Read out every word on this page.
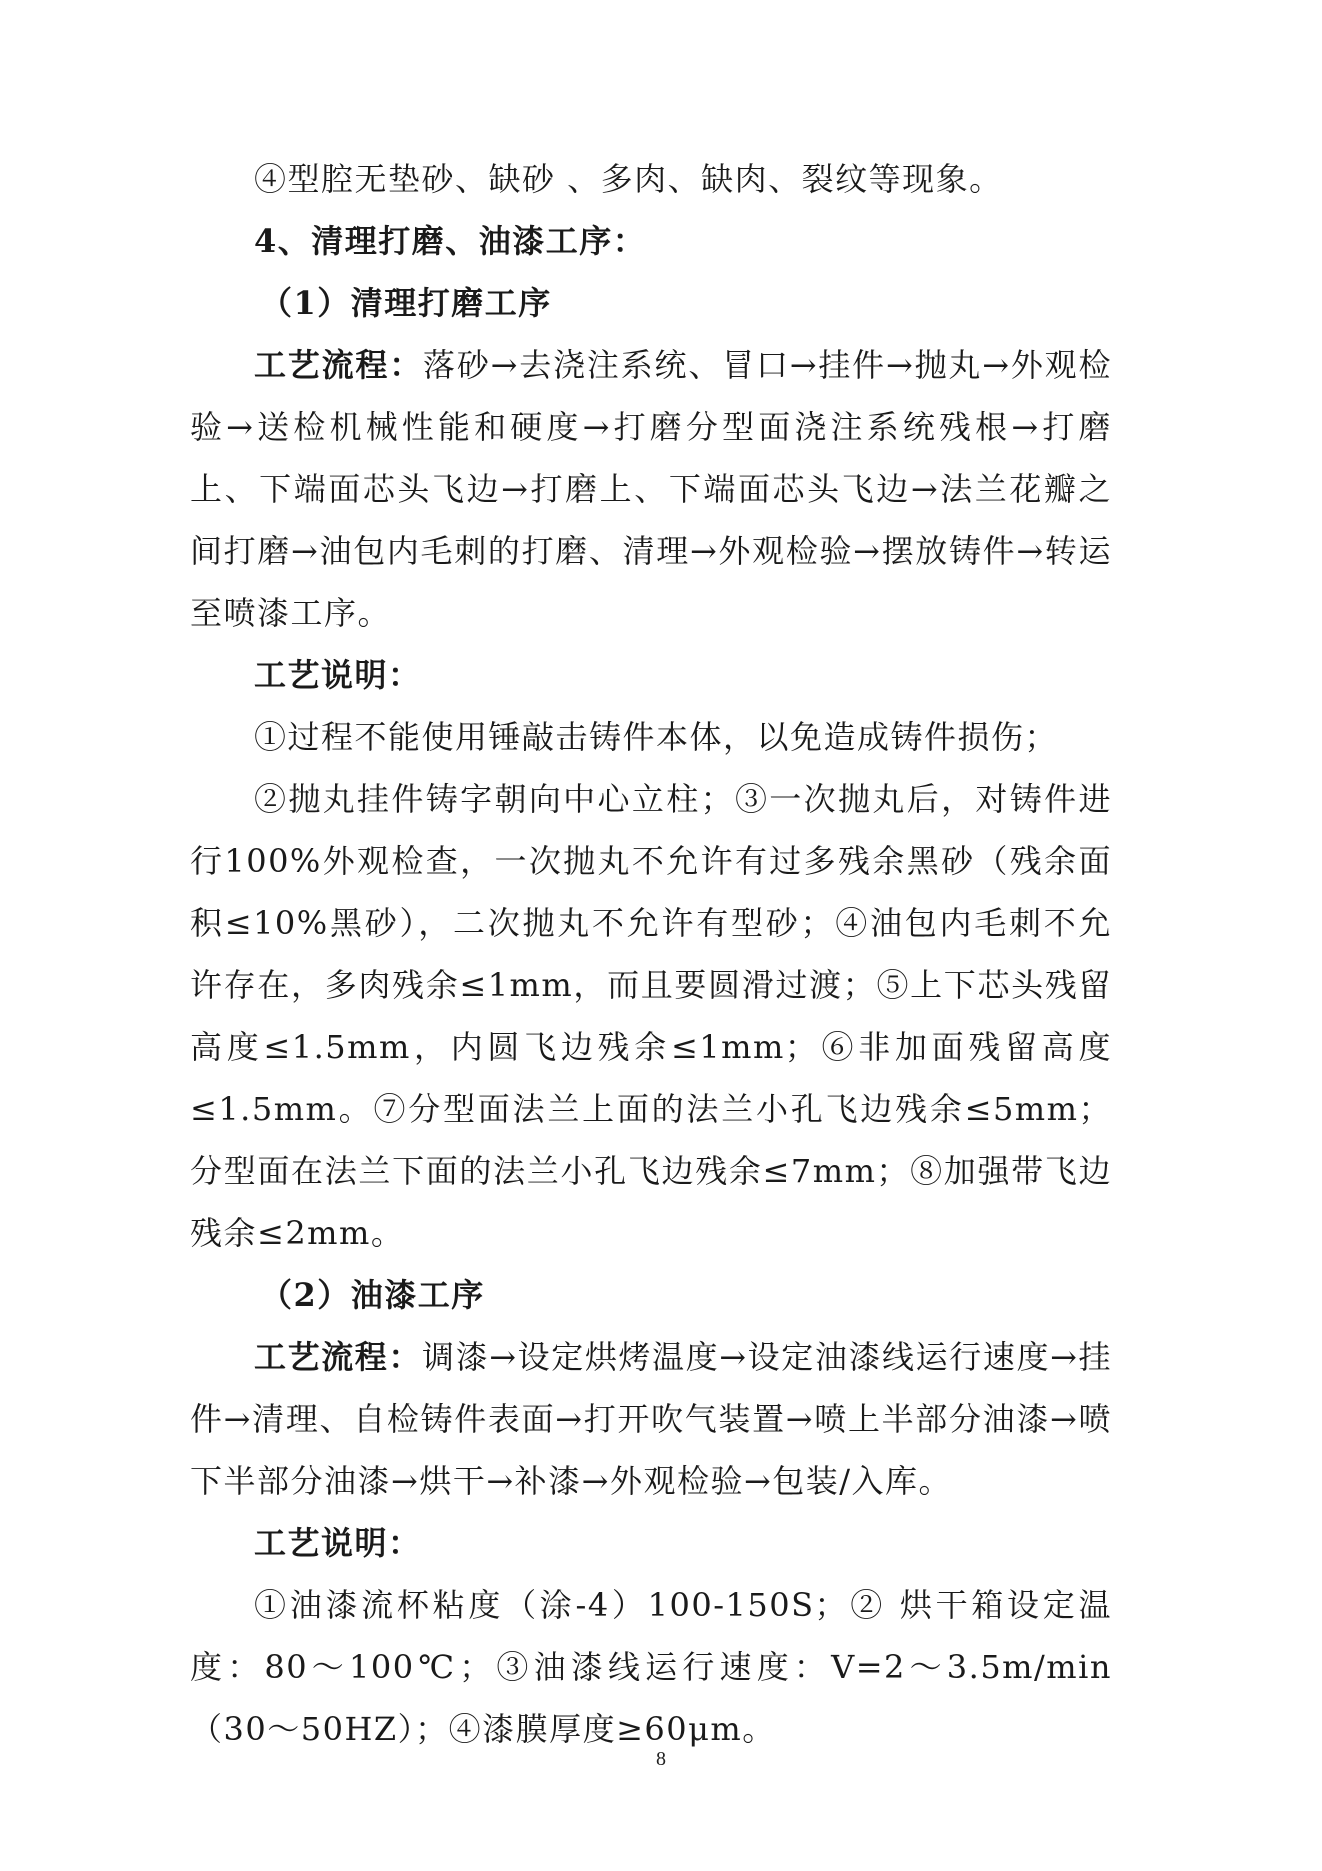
④型腔无垫砂、缺砂 、多肉、缺肉、裂纹等现象。

4、清理打磨、油漆工序：

（1）清理打磨工序

工艺流程：落砂→去浇注系统、冒口→挂件→抛丸→外观检验→送检机械性能和硬度→打磨分型面浇注系统残根→打磨上、下端面芯头飞边→打磨上、下端面芯头飞边→法兰花瓣之间打磨→油包内毛刺的打磨、清理→外观检验→摆放铸件→转运至喷漆工序。

工艺说明：

①过程不能使用锤敲击铸件本体，以免造成铸件损伤；

②抛丸挂件铸字朝向中心立柱；③一次抛丸后，对铸件进行100%外观检查，一次抛丸不允许有过多残余黑砂（残余面积≤10%黑砂），二次抛丸不允许有型砂；④油包内毛刺不允许存在，多肉残余≤1mm，而且要圆滑过渡；⑤上下芯头残留高度≤1.5mm，内圆飞边残余≤1mm；⑥非加面残留高度≤1.5mm。⑦分型面法兰上面的法兰小孔飞边残余≤5mm；分型面在法兰下面的法兰小孔飞边残余≤7mm；⑧加强带飞边残余≤2mm。

（2）油漆工序

工艺流程：调漆→设定烘烤温度→设定油漆线运行速度→挂件→清理、自检铸件表面→打开吹气装置→喷上半部分油漆→喷下半部分油漆→烘干→补漆→外观检验→包装/入库。

工艺说明：

①油漆流杯粘度（涂-4）100-150S；② 烘干箱设定温度：80～100℃；③油漆线运行速度：V=2～3.5m/min（30～50HZ）；④漆膜厚度≥60μm。

8
